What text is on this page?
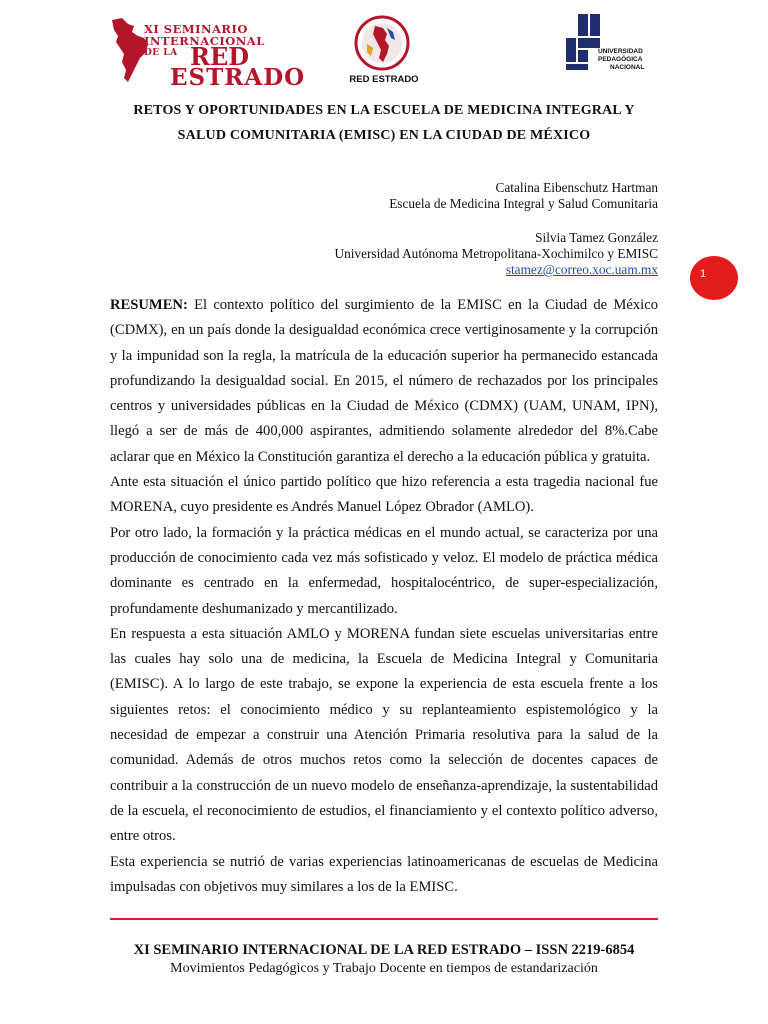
XI SEMINARIO
INTERNACIONAL
DE LA RED
ESTRADO	RED ESTRADO
UNIVERSIDAD
PEDAGÓGICA
NACIONAL
RETOS Y OPORTUNIDADES EN LA ESCUELA DE MEDICINA INTEGRAL Y
SALUD COMUNITARIA (EMISC) EN LA CIUDAD DE MÉXICO
Catalina Eibenschutz Hartman
Escuela de Medicina Integral y Salud Comunitaria
Silvia Tamez González
Universidad Autónoma Metropolitana-Xochimilco y EMISC
stamez@correo.xoc.uam.mx	1

RESUMEN: El contexto político del surgimiento de la EMISC en la Ciudad de México (CDMX), en un país donde la desigualdad económica crece vertiginosamente y la corrupción y la impunidad son la regla, la matrícula de la educación superior ha permanecido estancada profundizando la desigualdad social. En 2015, el número de rechazados por los principales centros y universidades públicas en la Ciudad de México (CDMX) (UAM, UNAM, IPN), llegó a ser de más de 400,000 aspirantes, admitiendo solamente alrededor del 8%.Cabe aclarar que en México la Constitución garantiza el derecho a la educación pública y gratuita.

Ante esta situación el único partido político que hizo referencia a esta tragedia nacional fue MORENA, cuyo presidente es Andrés Manuel López Obrador (AMLO).

Por otro lado, la formación y la práctica médicas en el mundo actual, se caracteriza por una producción de conocimiento cada vez más sofisticado y veloz. El modelo de práctica médica dominante es centrado en la enfermedad, hospitalocéntrico, de super-especialización, profundamente deshumanizado y mercantilizado.

En respuesta a esta situación AMLO y MORENA fundan siete escuelas universitarias entre las cuales hay solo una de medicina, la Escuela de Medicina Integral y Comunitaria (EMISC). A lo largo de este trabajo, se expone la experiencia de esta escuela frente a los siguientes retos: el conocimiento médico y su replanteamiento espistemológico y la necesidad de empezar a construir una Atención Primaria resolutiva para la salud de la comunidad. Además de otros muchos retos como la selección de docentes capaces de contribuir a la construcción de un nuevo modelo de enseñanza-aprendizaje, la sustentabilidad de la escuela, el reconocimiento de estudios, el financiamiento y el contexto político adverso, entre otros.

Esta experiencia se nutrió de varias experiencias latinoamericanas de escuelas de Medicina impulsadas con objetivos muy similares a los de la EMISC.

XI SEMINARIO INTERNACIONAL DE LA RED ESTRADO – ISSN 2219-6854
Movimientos Pedagógicos y Trabajo Docente en tiempos de estandarización
